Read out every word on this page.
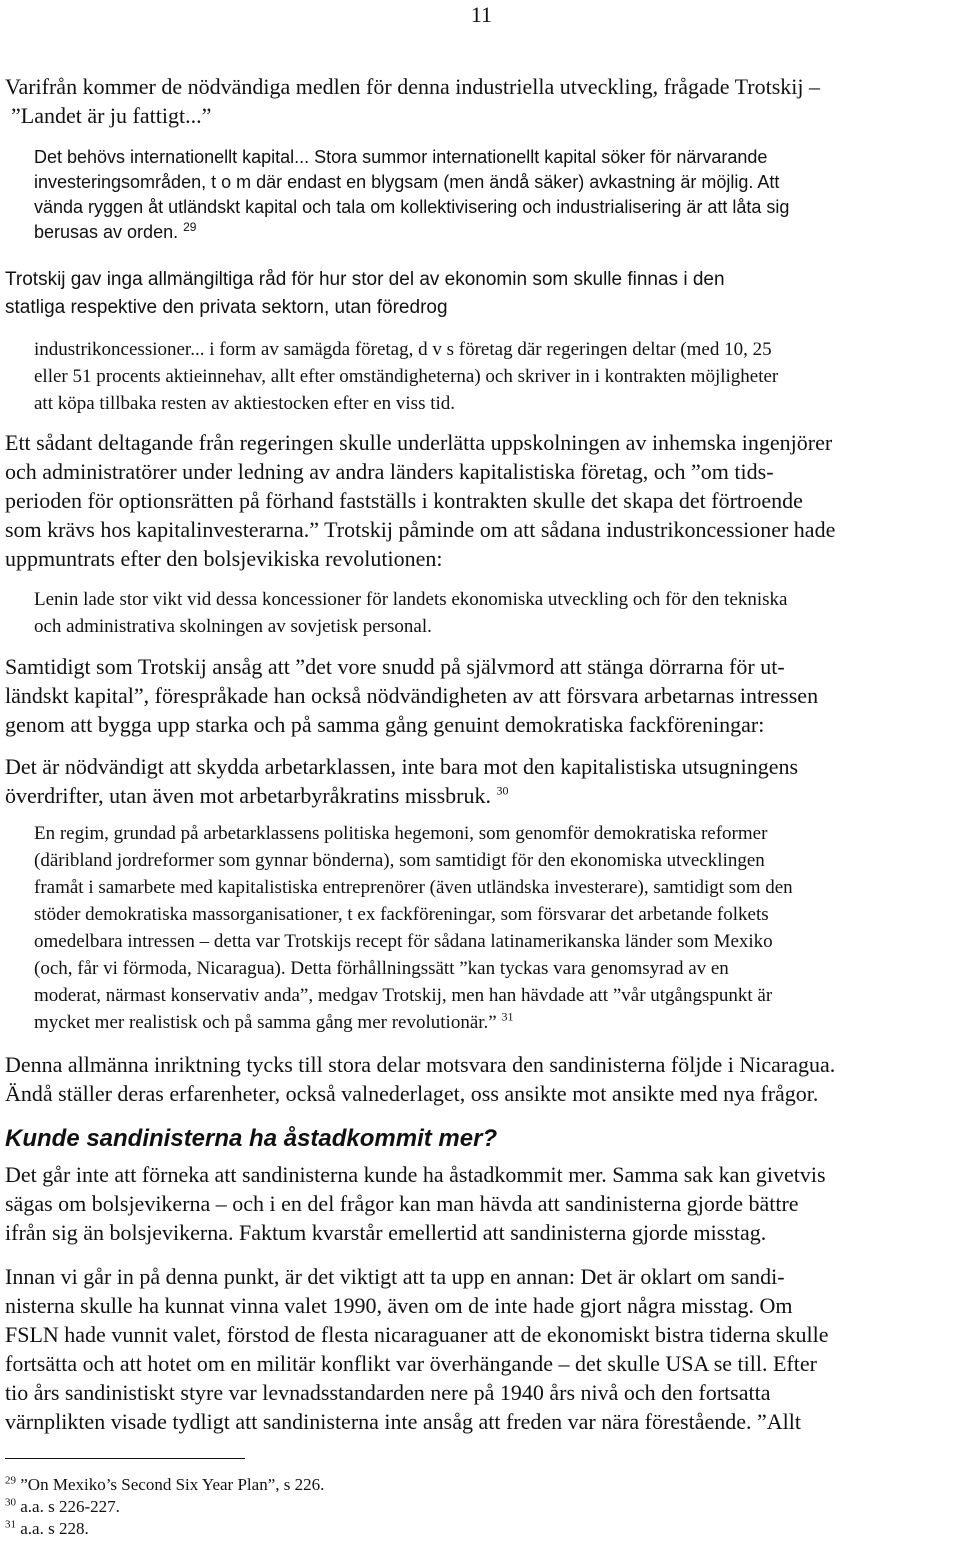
11

Varifrån kommer de nödvändiga medlen för denna industriella utveckling, frågade Trotskij –
”Landet är ju fattigt...”

Det behövs internationellt kapital... Stora summor internationellt kapital söker för närvarande
investeringsområden, t o m där endast en blygsam (men ändå säker) avkastning är möjlig. Att
vända ryggen åt utländskt kapital och tala om kollektivisering och industrialisering är att låta sig
berusas av orden. $^{29}$

Trotskij gav inga allmängiltiga råd för hur stor del av ekonomin som skulle finnas i den
statliga respektive den privata sektorn, utan föredrog

industrikoncessioner... i form av samägda företag, d v s företag där regeringen deltar (med 10, 25
eller 51 procents aktieinnehav, allt efter omständigheterna) och skriver in i kontrakten möjligheter
att köpa tillbaka resten av aktiestocken efter en viss tid.

Ett sådant deltagande från regeringen skulle underlätta uppskolningen av inhemska ingenjörer
och administratörer under ledning av andra länders kapitalistiska företag, och ”om tids-
perioden för optionsrätten på förhand fastställs i kontrakten skulle det skapa det förtroende
som krävs hos kapitalinvesterarna.” Trotskij påminde om att sådana industrikoncessioner hade
uppmuntrats efter den bolsjevikiska revolutionen:

Lenin lade stor vikt vid dessa koncessioner för landets ekonomiska utveckling och för den tekniska
och administrativa skolningen av sovjetisk personal.

Samtidigt som Trotskij ansåg att ”det vore snudd på självmord att stänga dörrarna för ut-
ländskt kapital”, förespråkade han också nödvändigheten av att försvara arbetarnas intressen
genom att bygga upp starka och på samma gång genuint demokratiska fackföreningar:

Det är nödvändigt att skydda arbetarklassen, inte bara mot den kapitalistiska utsugningens
överdrifter, utan även mot arbetarbyråkratins missbruk. $^{30}$

En regim, grundad på arbetarklassens politiska hegemoni, som genomför demokratiska reformer
(däribland jordreformer som gynnar bönderna), som samtidigt för den ekonomiska utvecklingen
framåt i samarbete med kapitalistiska entreprenörer (även utländska investerare), samtidigt som den
stöder demokratiska massorganisationer, t ex fackföreningar, som försvarar det arbetande folkets
omedelbara intressen – detta var Trotskijs recept för sådana latinamerikanska länder som Mexiko
(och, får vi förmoda, Nicaragua). Detta förhållningssätt ”kan tyckas vara genomsyrad av en
moderat, närmast konservativ anda”, medgav Trotskij, men han hävdade att ”vår utgångspunkt är
mycket mer realistisk och på samma gång mer revolutionär.” $^{31}$

Denna allmänna inriktning tycks till stora delar motsvara den sandinisterna följde i Nicaragua.
Ändå ställer deras erfarenheter, också valnederlaget, oss ansikte mot ansikte med nya frågor.

Kunde sandinisterna ha åstadkommit mer?

Det går inte att förneka att sandinisterna kunde ha åstadkommit mer. Samma sak kan givetvis
sägas om bolsjevikerna – och i en del frågor kan man hävda att sandinisterna gjorde bättre
ifrån sig än bolsjevikerna. Faktum kvarstår emellertid att sandinisterna gjorde misstag.

Innan vi går in på denna punkt, är det viktigt att ta upp en annan: Det är oklart om sandi-
nisterna skulle ha kunnat vinna valet 1990, även om de inte hade gjort några misstag. Om
FSLN hade vunnit valet, förstod de flesta nicaraguaner att de ekonomiskt bistra tiderna skulle
fortsätta och att hotet om en militär konflikt var överhängande – det skulle USA se till. Efter
tio års sandinistiskt styre var levnadsstandarden nere på 1940 års nivå och den fortsatta
värnplikten visade tydligt att sandinisterna inte ansåg att freden var nära förestående. ”Allt

$^{29}$ ”On Mexiko’s Second Six Year Plan”, s 226.
$^{30}$ a.a. s 226-227.
$^{31}$ a.a. s 228.
